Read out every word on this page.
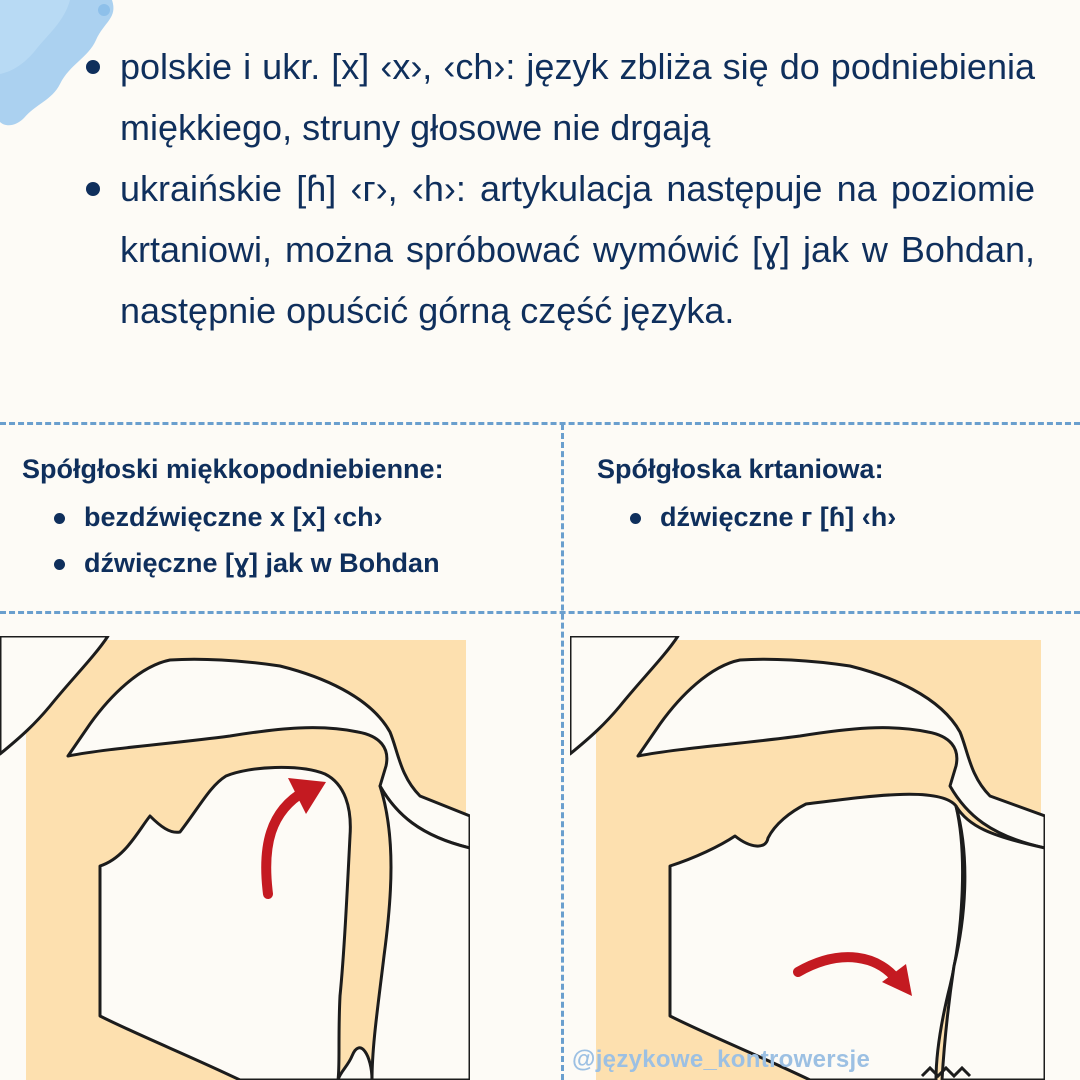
polskie i ukr. [x] ‹x›, ‹ch›: język zbliża się do podniebienia miękkiego, struny głosowe nie drgają
ukraińskie [ɦ] ‹г›, ‹h›: artykulacja następuje na poziomie krtaniowi, można spróbować wymówić [ɣ] jak w Bohdan, następnie opuścić górną część języka.
Spółgłoski miękkopodniebienne:
bezdźwięczne x [x] ‹ch›
dźwięczne [ɣ] jak w Bohdan
Spółgłoska krtaniowa:
dźwięczne г [ɦ] ‹h›
@językowe_kontrowersje
